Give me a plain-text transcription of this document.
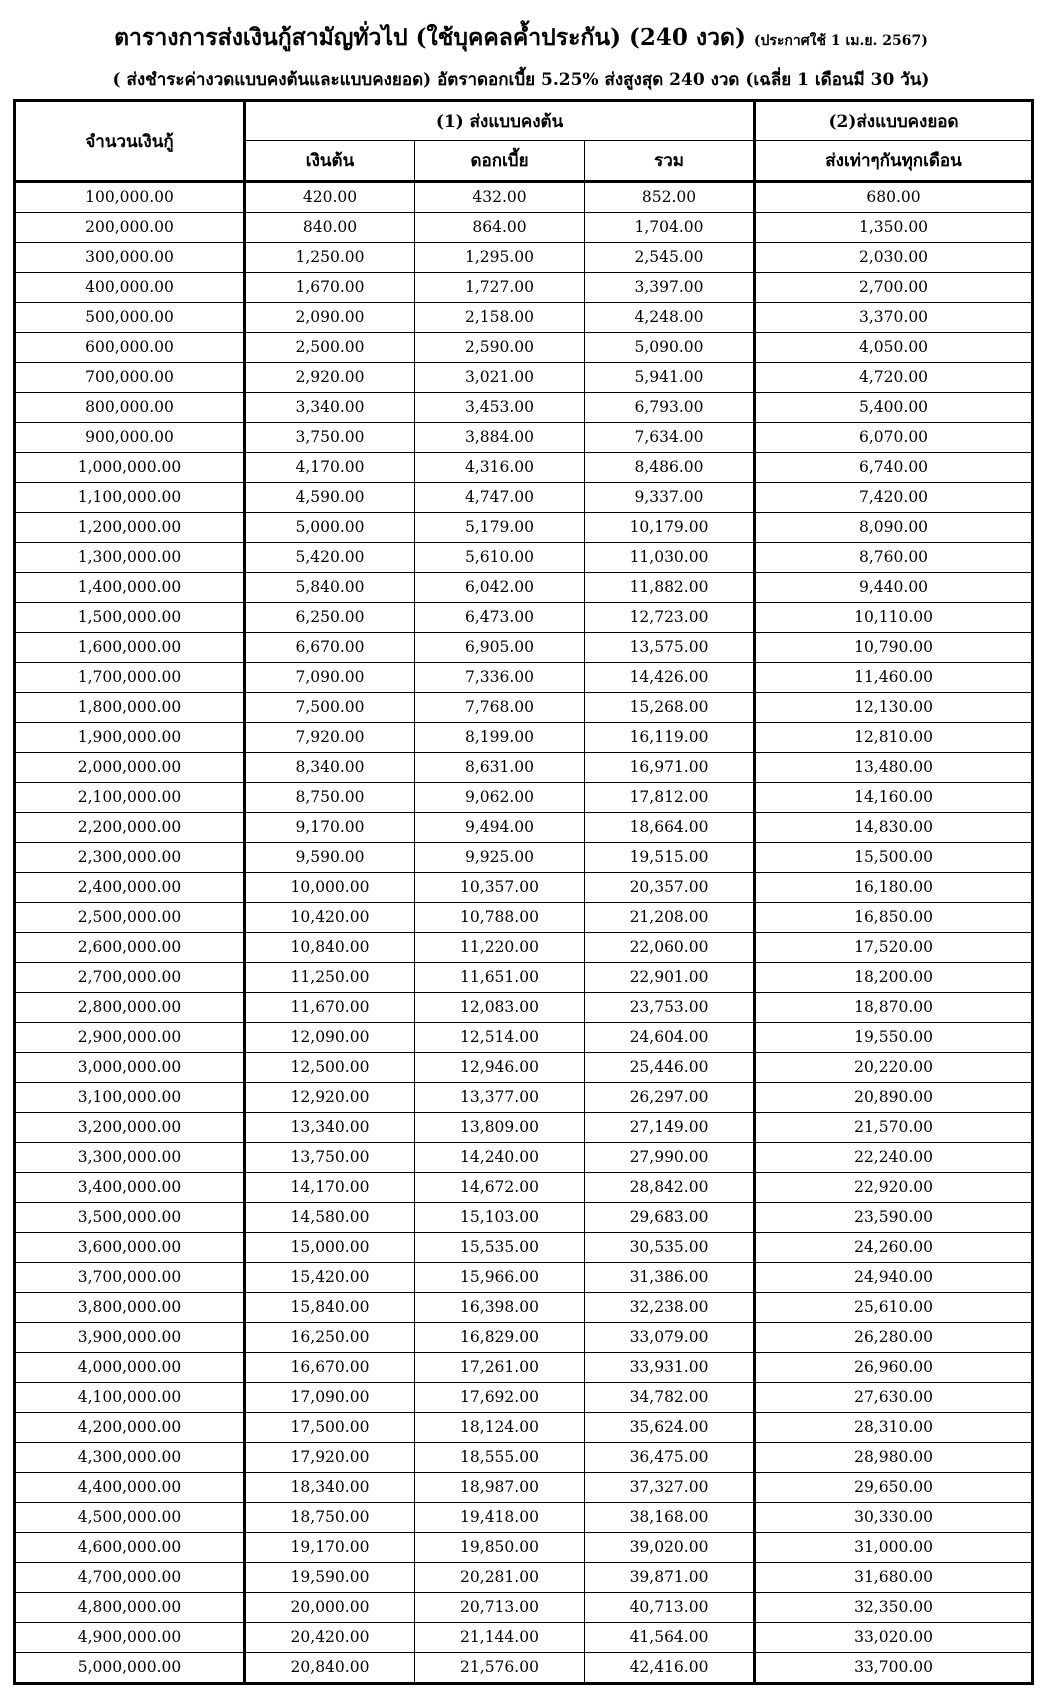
ตารางการส่งเงินกู้สามัญทั่วไป (ใช้บุคคลค้ำประกัน) (240 งวด) (ประกาศใช้ 1 เม.ย. 2567)
( ส่งชำระค่างวดแบบคงต้นและแบบคงยอด) อัตราดอกเบี้ย 5.25% ส่งสูงสุด 240 งวด (เฉลี่ย 1 เดือนมี 30 วัน)
จำนวนเงินกู้	(1) ส่งแบบคงต้น			(2)ส่งแบบคงยอด
	เงินต้น	ดอกเบี้ย	รวม	ส่งเท่าๆกันทุกเดือน
100,000.00	420.00	432.00	852.00	680.00
200,000.00	840.00	864.00	1,704.00	1,350.00
300,000.00	1,250.00	1,295.00	2,545.00	2,030.00
400,000.00	1,670.00	1,727.00	3,397.00	2,700.00
500,000.00	2,090.00	2,158.00	4,248.00	3,370.00
600,000.00	2,500.00	2,590.00	5,090.00	4,050.00
700,000.00	2,920.00	3,021.00	5,941.00	4,720.00
800,000.00	3,340.00	3,453.00	6,793.00	5,400.00
900,000.00	3,750.00	3,884.00	7,634.00	6,070.00
1,000,000.00	4,170.00	4,316.00	8,486.00	6,740.00
1,100,000.00	4,590.00	4,747.00	9,337.00	7,420.00
1,200,000.00	5,000.00	5,179.00	10,179.00	8,090.00
1,300,000.00	5,420.00	5,610.00	11,030.00	8,760.00
1,400,000.00	5,840.00	6,042.00	11,882.00	9,440.00
1,500,000.00	6,250.00	6,473.00	12,723.00	10,110.00
1,600,000.00	6,670.00	6,905.00	13,575.00	10,790.00
1,700,000.00	7,090.00	7,336.00	14,426.00	11,460.00
1,800,000.00	7,500.00	7,768.00	15,268.00	12,130.00
1,900,000.00	7,920.00	8,199.00	16,119.00	12,810.00
2,000,000.00	8,340.00	8,631.00	16,971.00	13,480.00
2,100,000.00	8,750.00	9,062.00	17,812.00	14,160.00
2,200,000.00	9,170.00	9,494.00	18,664.00	14,830.00
2,300,000.00	9,590.00	9,925.00	19,515.00	15,500.00
2,400,000.00	10,000.00	10,357.00	20,357.00	16,180.00
2,500,000.00	10,420.00	10,788.00	21,208.00	16,850.00
2,600,000.00	10,840.00	11,220.00	22,060.00	17,520.00
2,700,000.00	11,250.00	11,651.00	22,901.00	18,200.00
2,800,000.00	11,670.00	12,083.00	23,753.00	18,870.00
2,900,000.00	12,090.00	12,514.00	24,604.00	19,550.00
3,000,000.00	12,500.00	12,946.00	25,446.00	20,220.00
3,100,000.00	12,920.00	13,377.00	26,297.00	20,890.00
3,200,000.00	13,340.00	13,809.00	27,149.00	21,570.00
3,300,000.00	13,750.00	14,240.00	27,990.00	22,240.00
3,400,000.00	14,170.00	14,672.00	28,842.00	22,920.00
3,500,000.00	14,580.00	15,103.00	29,683.00	23,590.00
3,600,000.00	15,000.00	15,535.00	30,535.00	24,260.00
3,700,000.00	15,420.00	15,966.00	31,386.00	24,940.00
3,800,000.00	15,840.00	16,398.00	32,238.00	25,610.00
3,900,000.00	16,250.00	16,829.00	33,079.00	26,280.00
4,000,000.00	16,670.00	17,261.00	33,931.00	26,960.00
4,100,000.00	17,090.00	17,692.00	34,782.00	27,630.00
4,200,000.00	17,500.00	18,124.00	35,624.00	28,310.00
4,300,000.00	17,920.00	18,555.00	36,475.00	28,980.00
4,400,000.00	18,340.00	18,987.00	37,327.00	29,650.00
4,500,000.00	18,750.00	19,418.00	38,168.00	30,330.00
4,600,000.00	19,170.00	19,850.00	39,020.00	31,000.00
4,700,000.00	19,590.00	20,281.00	39,871.00	31,680.00
4,800,000.00	20,000.00	20,713.00	40,713.00	32,350.00
4,900,000.00	20,420.00	21,144.00	41,564.00	33,020.00
5,000,000.00	20,840.00	21,576.00	42,416.00	33,700.00
